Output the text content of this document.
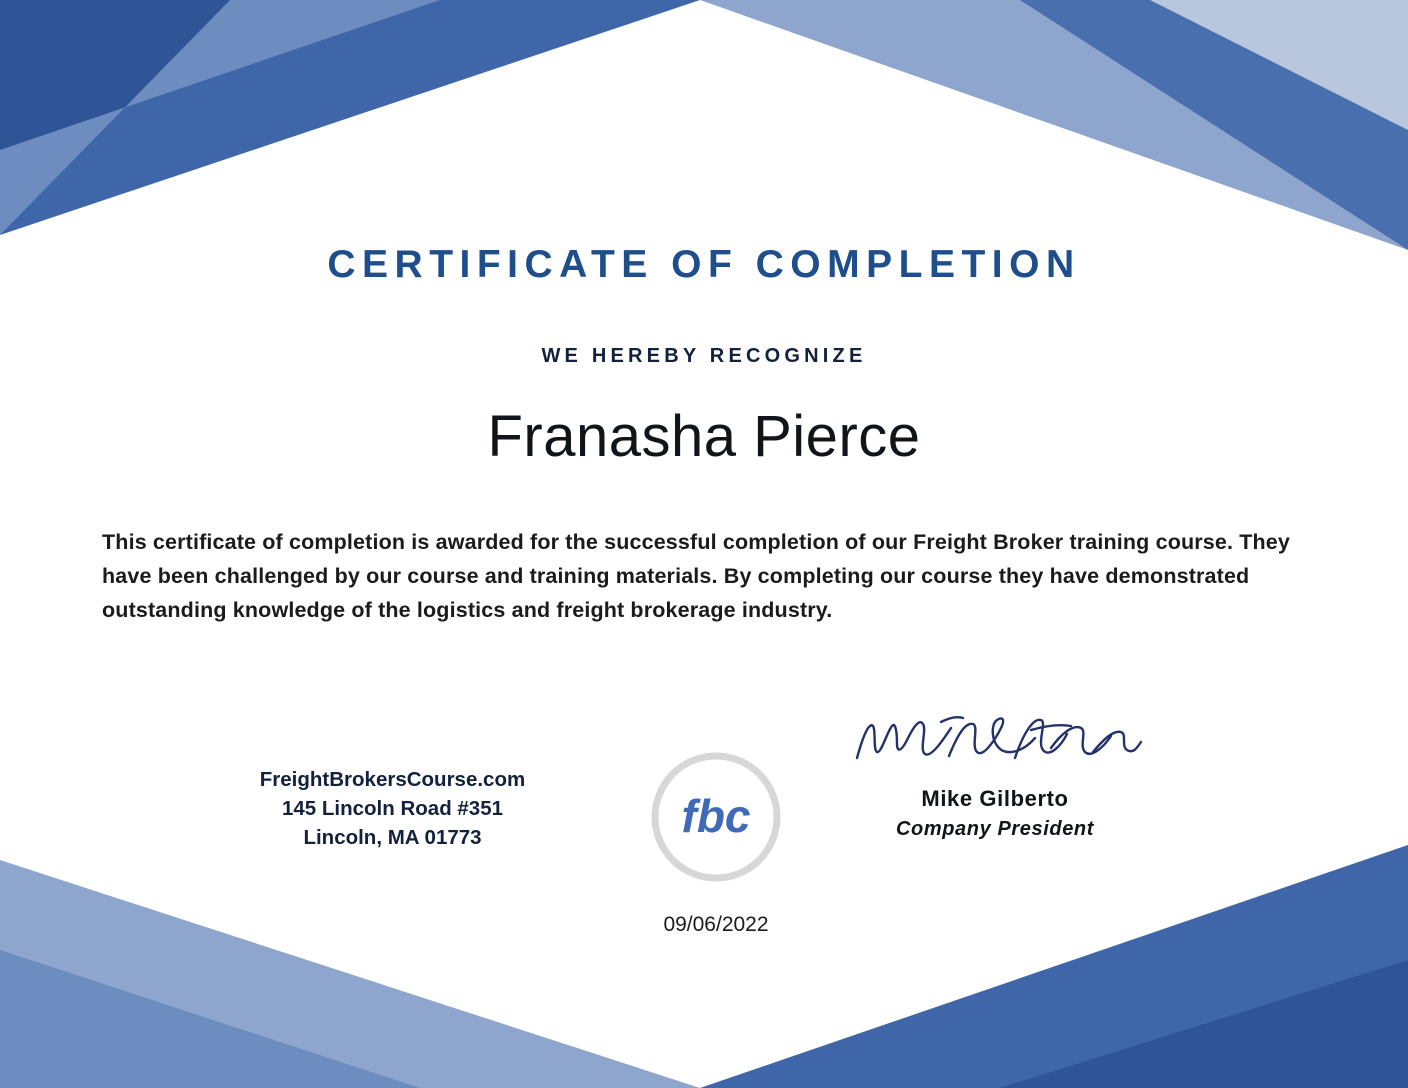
CERTIFICATE OF COMPLETION
WE HEREBY RECOGNIZE
Franasha Pierce
This certificate of completion is awarded for the successful completion of our Freight Broker training course. They have been challenged by our course and training materials. By completing our course they have demonstrated outstanding knowledge of the logistics and freight brokerage industry.
FreightBrokersCourse.com
145 Lincoln Road #351
Lincoln, MA 01773	fbc	Mike Gilberto
Company President
09/06/2022
